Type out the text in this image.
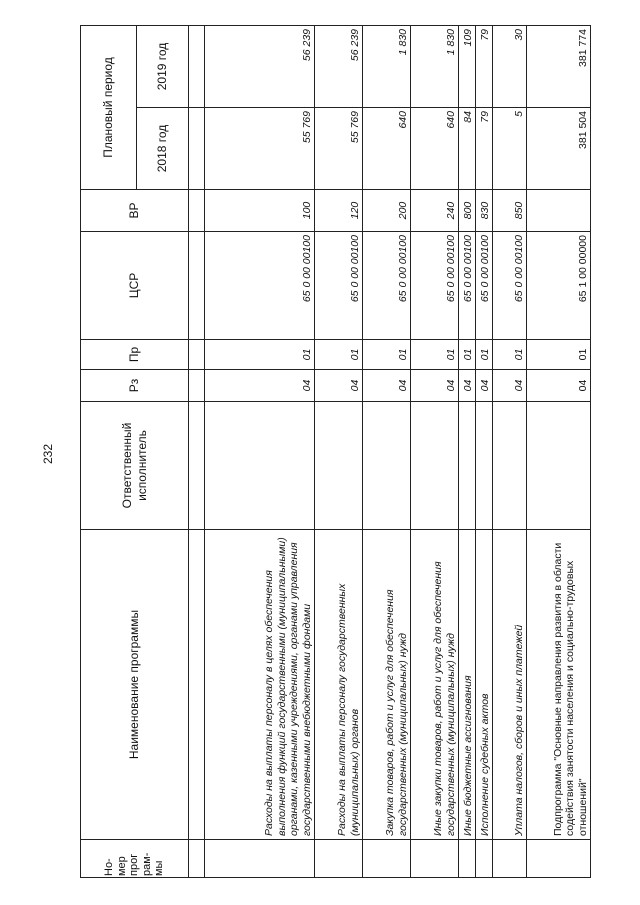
232
Но- мер прог рам- мы	Наименование программы	Ответственный исполнитель	Рз	Пр	ЦСР	ВР	Плановый период	
							2018 год	2019 год

	Расходы на выплаты персоналу в целях обеспечения выполнения функций государственными (муниципальными) органами, казенными учреждениями, органами управления государственными внебюджетными фондами		04	01	65 0 00 00100	100	55 769	56 239
	Расходы на выплаты персоналу государственных (муниципальных) органов		04	01	65 0 00 00100	120	55 769	56 239
	Закупка товаров, работ и услуг для обеспечения государственных (муниципальных) нужд		04	01	65 0 00 00100	200	640	1 830
	Иные закупки товаров, работ и услуг для обеспечения государственных (муниципальных) нужд		04	01	65 0 00 00100	240	640	1 830
	Иные бюджетные ассигнования		04	01	65 0 00 00100	800	84	109
	Исполнение судебных актов		04	01	65 0 00 00100	830	79	79
	Уплата налогов, сборов и иных платежей		04	01	65 0 00 00100	850	5	30
	Подпрограмма "Основные направления развития в области содействия занятости населения и социально-трудовых отношений"		04	01	65 1 00 00000		381 504	381 774
